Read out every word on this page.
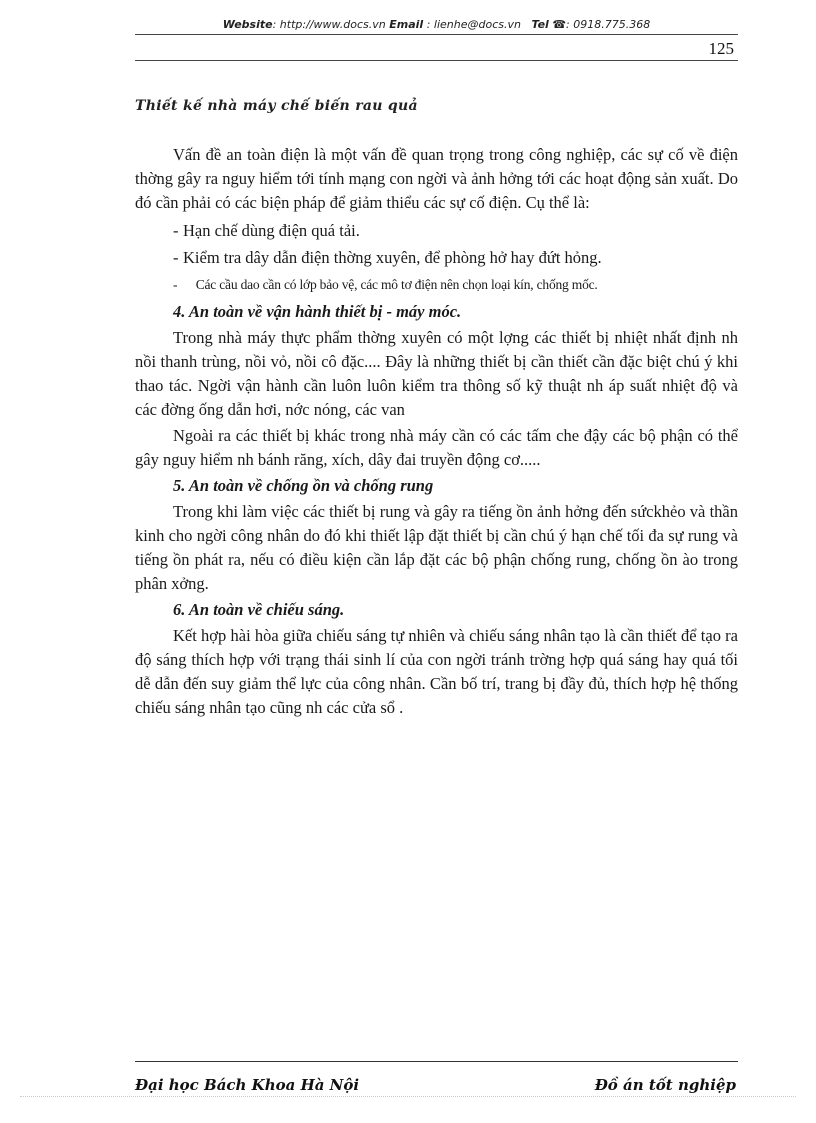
Website: http://www.docs.vn Email : lienhe@docs.vn Tel ☎: 0918.775.368
125
Thiết kế nhà máy chế biến rau quả

Vấn đề an toàn điện là một vấn đề quan trọng trong công nghiệp, các sự cố về điện thờng gây ra nguy hiểm tới tính mạng con ngời và ảnh hởng tới các hoạt động sản xuất. Do đó cần phải có các biện pháp để giảm thiểu các sự cố điện. Cụ thể là:

- Hạn chế dùng điện quá tải.

- Kiểm tra dây dẫn điện thờng xuyên, để phòng hở hay đứt hỏng.

- Các cầu dao cần có lớp bảo vệ, các mô tơ điện nên chọn loại kín, chống mốc.

4. An toàn về vận hành thiết bị - máy móc.

Trong nhà máy thực phẩm thờng xuyên có một lợng các thiết bị nhiệt nhất định nh nồi thanh trùng, nồi vỏ, nồi cô đặc.... Đây là những thiết bị cần thiết cần đặc biệt chú ý khi thao tác. Ngời vận hành cần luôn luôn kiểm tra thông số kỹ thuật nh áp suất nhiệt độ và các đờng ống dẫn hơi, nớc nóng, các van

Ngoài ra các thiết bị khác trong nhà máy cần có các tấm che đậy các bộ phận có thể gây nguy hiểm nh bánh răng, xích, dây đai truyền động cơ.....

5. An toàn về chống ồn và chống rung

Trong khi làm việc các thiết bị rung và gây ra tiếng ồn ảnh hởng đến sứckhẻo và thần kinh cho ngời công nhân do đó khi thiết lập đặt thiết bị cần chú ý hạn chế tối đa sự rung và tiếng ồn phát ra, nếu có điều kiện cần lắp đặt các bộ phận chống rung, chống ồn ào trong phân xởng.

6. An toàn về chiếu sáng.

Kết hợp hài hòa giữa chiếu sáng tự nhiên và chiếu sáng nhân tạo là cần thiết để tạo ra độ sáng thích hợp với trạng thái sinh lí của con ngời tránh trờng hợp quá sáng hay quá tối dễ dẫn đến suy giảm thể lực của công nhân. Cần bố trí, trang bị đầy đủ, thích hợp hệ thống chiếu sáng nhân tạo cũng nh các cửa sổ .

Đại học Bách Khoa Hà Nội	Đồ án tốt nghiệp
